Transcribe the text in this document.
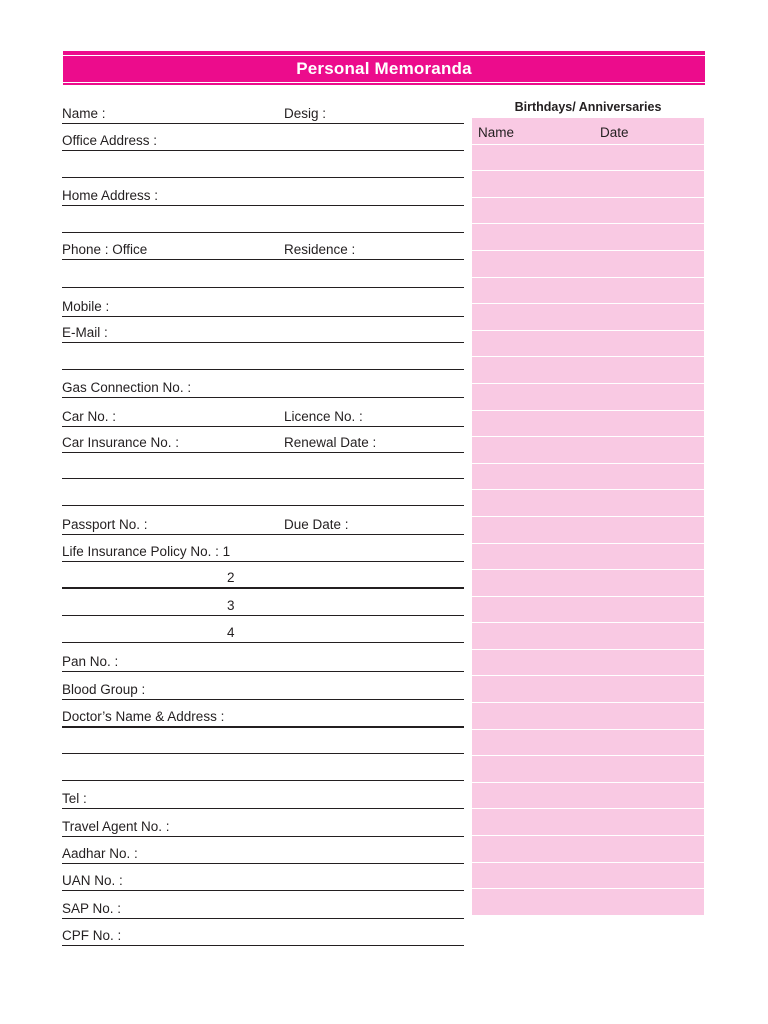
Personal Memoranda
Name :	Desig :
Office Address :
Home Address :
Phone : Office	Residence :
Mobile :
E-Mail :
Gas Connection No. :
Car No. :	Licence No. :
Car Insurance No. :	Renewal Date :
Passport No. :	Due Date :
Life Insurance Policy No. : 1
2
3
4
Pan No. :
Blood Group :
Doctor’s Name & Address :
Tel :
Travel Agent No. :
Aadhar No. :
UAN No. :
SAP No. :
CPF No. :
Birthdays/ Anniversaries
Name	Date
